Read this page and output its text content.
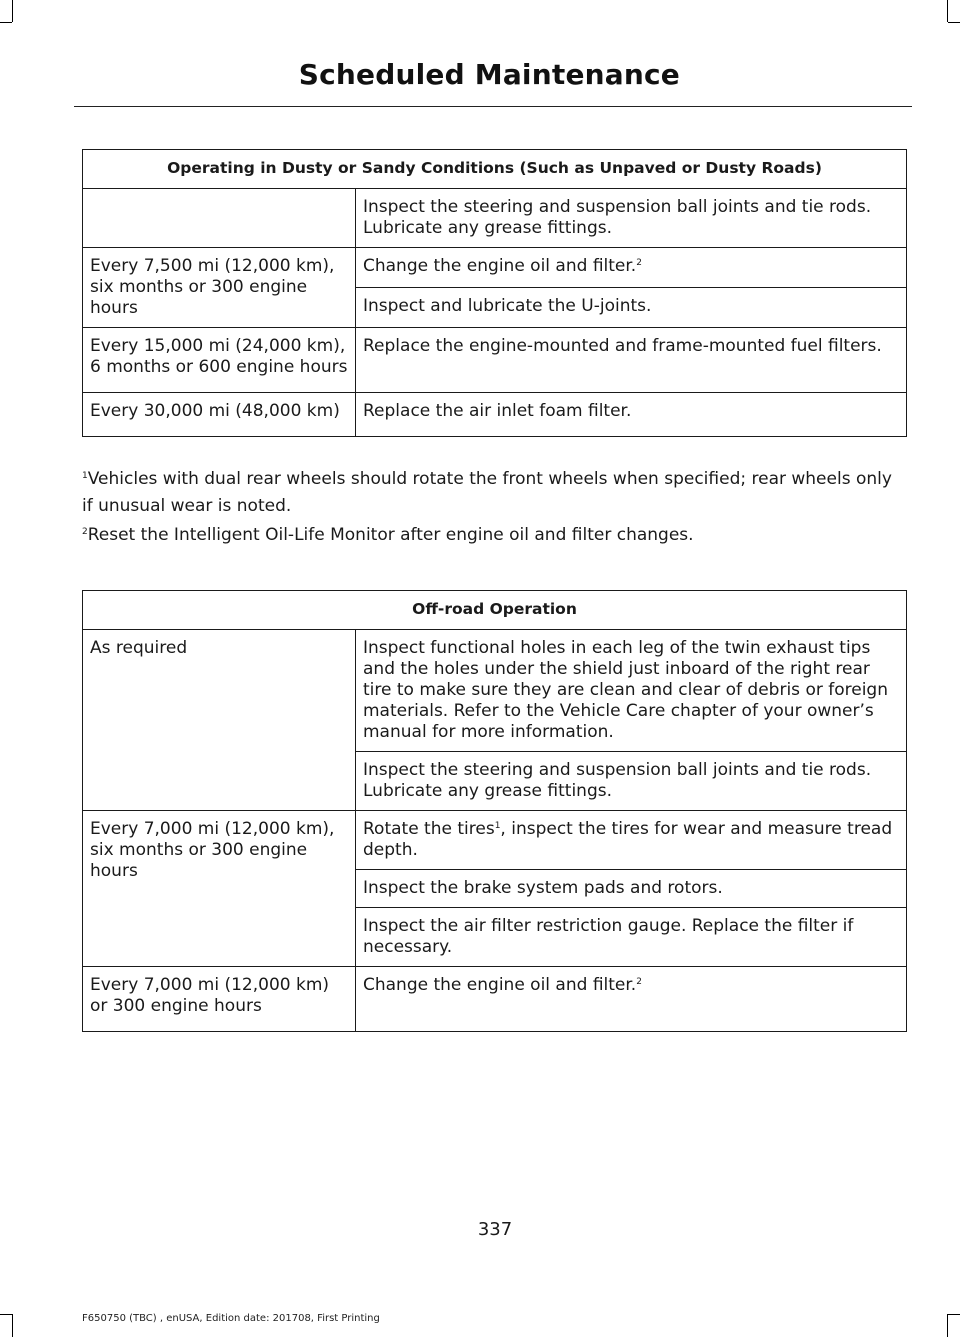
Scheduled Maintenance
Operating in Dusty or Sandy Conditions (Such as Unpaved or Dusty Roads)	
	Inspect the steering and suspension ball joints and tie rods. Lubricate any grease fittings.
Every 7,500 mi (12,000 km), six months or 300 engine hours	Change the engine oil and filter.$^2$
	Inspect and lubricate the U-joints.
Every 15,000 mi (24,000 km), 6 months or 600 engine hours	Replace the engine-mounted and frame-mounted fuel filters.
Every 30,000 mi (48,000 km)	Replace the air inlet foam filter.
$^1$Vehicles with dual rear wheels should rotate the front wheels when specified; rear wheels only if unusual wear is noted.
$^2$Reset the Intelligent Oil-Life Monitor after engine oil and filter changes.
Off-road Operation	
As required	Inspect functional holes in each leg of the twin exhaust tips and the holes under the shield just inboard of the right rear tire to make sure they are clean and clear of debris or foreign materials. Refer to the Vehicle Care chapter of your owner’s manual for more information.
	Inspect the steering and suspension ball joints and tie rods. Lubricate any grease fittings.
Every 7,000 mi (12,000 km), six months or 300 engine hours	Rotate the tires$^1$, inspect the tires for wear and measure tread depth.
	Inspect the brake system pads and rotors.
	Inspect the air filter restriction gauge. Replace the filter if necessary.
Every 7,000 mi (12,000 km) or 300 engine hours	Change the engine oil and filter.$^2$
337
F650750 (TBC) , enUSA, Edition date: 201708, First Printing
